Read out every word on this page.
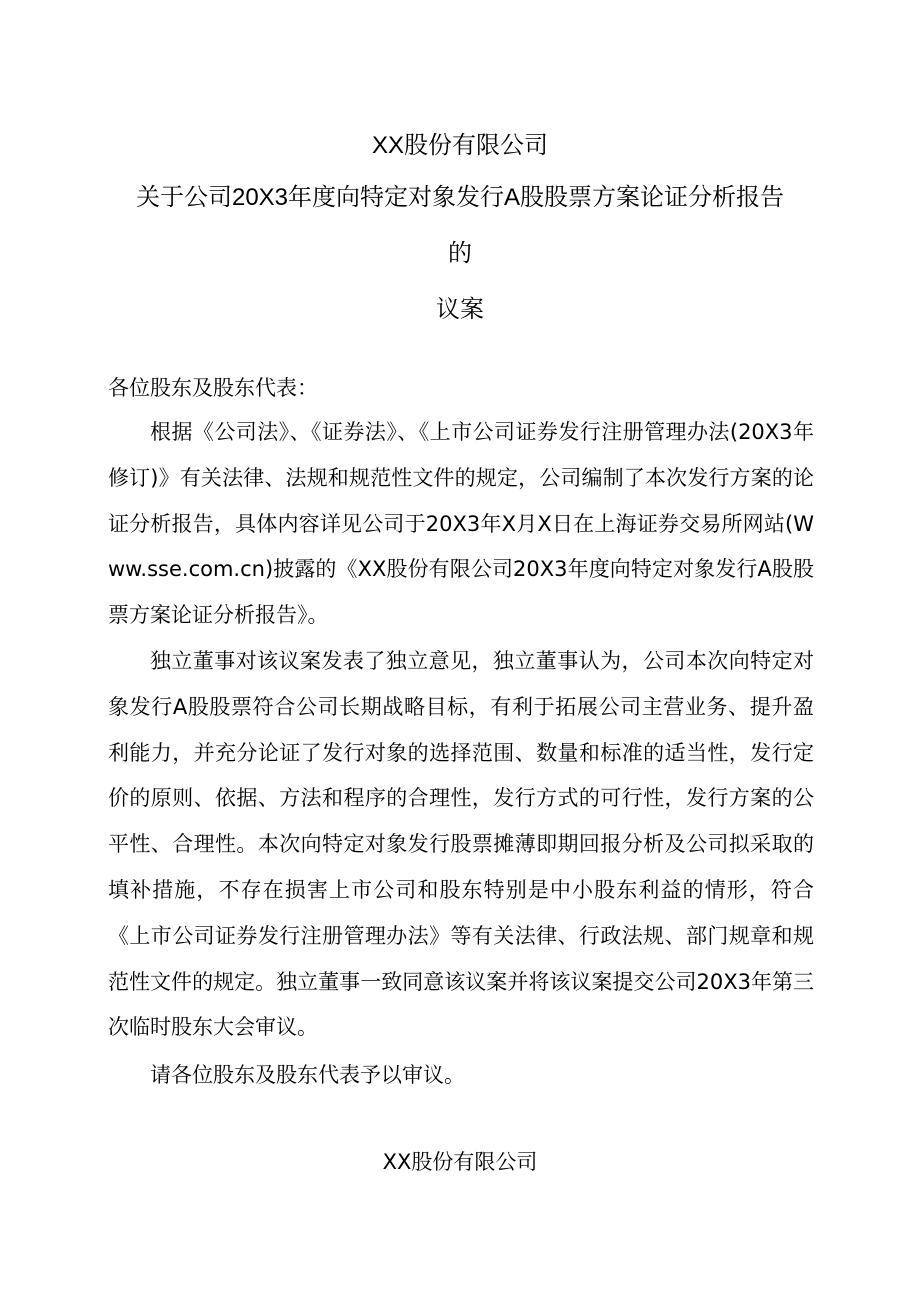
XX股份有限公司
关于公司20X3年度向特定对象发行A股股票方案论证分析报告
的
议案
各位股东及股东代表：

根据《公司法》、《证券法》、《上市公司证券发行注册管理办法(20X3年修订)》有关法律、法规和规范性文件的规定，公司编制了本次发行方案的论证分析报告，具体内容详见公司于20X3年X月X日在上海证券交易所网站(Www.sse.com.cn)披露的《XX股份有限公司20X3年度向特定对象发行A股股票方案论证分析报告》。

独立董事对该议案发表了独立意见，独立董事认为，公司本次向特定对象发行A股股票符合公司长期战略目标，有利于拓展公司主营业务、提升盈利能力，并充分论证了发行对象的选择范围、数量和标准的适当性，发行定价的原则、依据、方法和程序的合理性，发行方式的可行性，发行方案的公平性、合理性。本次向特定对象发行股票摊薄即期回报分析及公司拟采取的填补措施，不存在损害上市公司和股东特别是中小股东利益的情形，符合《上市公司证券发行注册管理办法》等有关法律、行政法规、部门规章和规范性文件的规定。独立董事一致同意该议案并将该议案提交公司20X3年第三次临时股东大会审议。

请各位股东及股东代表予以审议。
XX股份有限公司
